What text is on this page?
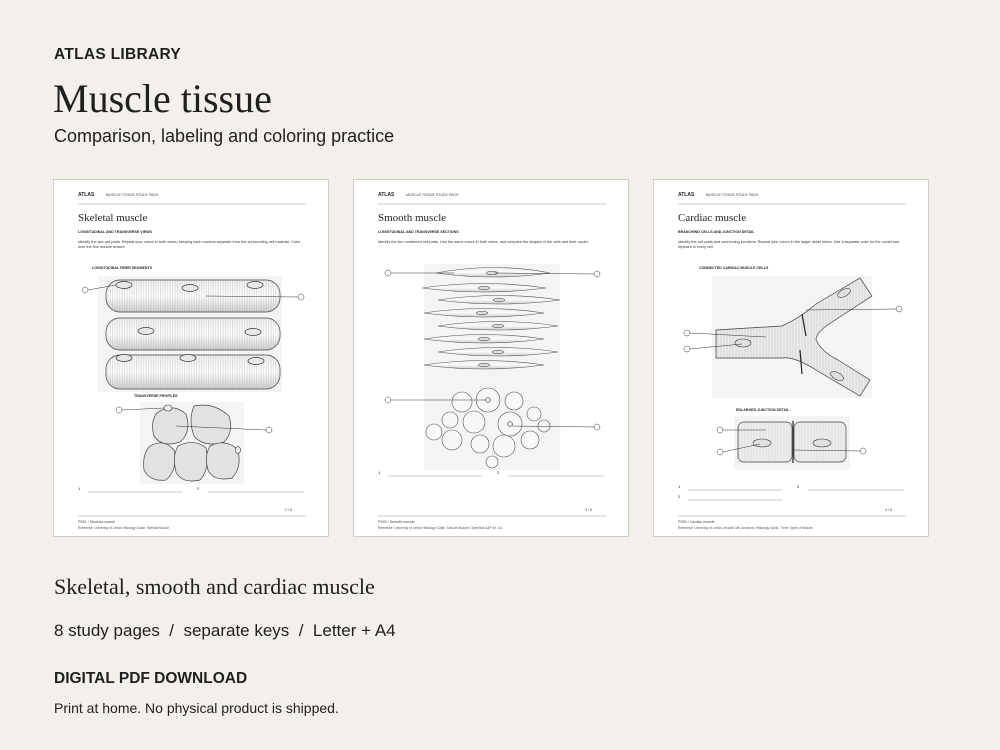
ATLAS LIBRARY
Muscle tissue
Comparison, labeling and coloring practice
ATLAS	MUSCLE TISSUE STUDY PACK
Skeletal muscle
LONGITUDINAL AND TRANSVERSE VIEWS
Identify the two cell parts. Repeat your colors in both views, keeping each nucleus separate from the surrounding cell material. Color over the fine muscle texture.
LONGITUDINAL FIBER SEGMENTS
TRANSVERSE PROFILES
1	2
2 / 8
PS01 / Skeletal muscle
Reference: University of Leeds Histology Guide, Skeletal Muscle.
ATLAS	MUSCLE TISSUE STUDY PACK
Smooth muscle
LONGITUDINAL AND TRANSVERSE SECTIONS
Identify the two numbered cell parts. Use the same colors in both views, and compare the shapes of the cells and their nuclei.
1	2
3 / 8
PS02 / Smooth muscle
Reference: University of Leeds Histology Guide, Smooth Muscle; OpenStax A&P 4e, 4.4.
ATLAS	MUSCLE TISSUE STUDY PACK
Cardiac muscle
BRANCHING CELLS AND JUNCTION DETAIL
Identify the cell parts and connecting junctions. Repeat your colors in the larger detail below. Use a separate color for the nuclei and repeat it in every cell.
CONNECTED CARDIAC MUSCLE CELLS
ENLARGED JUNCTION DETAIL
1	3
2
4 / 8
PS03 / Cardiac muscle
Reference: University of Leeds, Muscle Cell Junctions; Histology Guide, Three Types of Muscle.
Skeletal, smooth and cardiac muscle
8 study pages  /  separate keys  /  Letter + A4
DIGITAL PDF DOWNLOAD
Print at home. No physical product is shipped.
